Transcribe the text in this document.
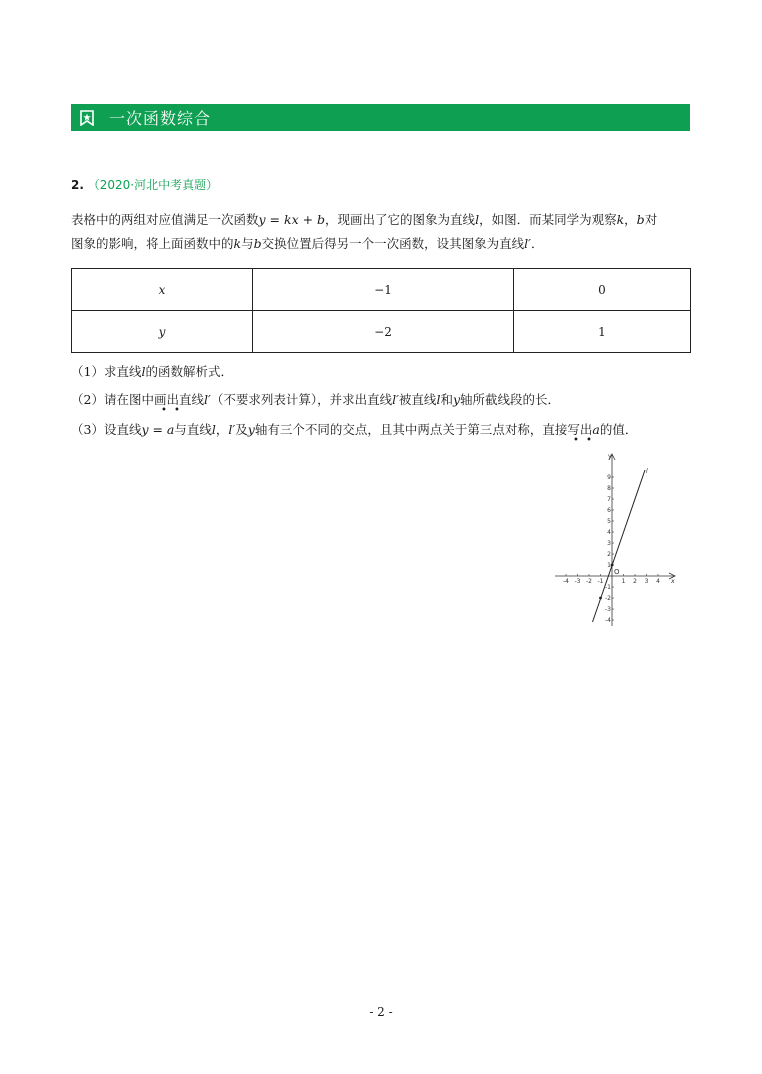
一次函数综合
2. （2020·河北中考真题）
表格中的两组对应值满足一次函数y = kx + b，现画出了它的图象为直线l，如图．而某同学为观察k，b对
图象的影响，将上面函数中的k与b交换位置后得另一个一次函数，设其图象为直线l′．
x	−1	0
y	−2	1
（1）求直线l的函数解析式．
（2）请在图中画出直线l′（不要求列表计算），并求出直线l′被直线l和y轴所截线段的长．
• •
（3）设直线y = a与直线l，l′及y轴有三个不同的交点，且其中两点关于第三点对称，直接写出a的值．
• •
-4 -3 -2 -1	1 2 3 4
9
8
7
6
5
4
3
2
1
-1
-2
-3
-4
y
x
O
l
- 2 -
